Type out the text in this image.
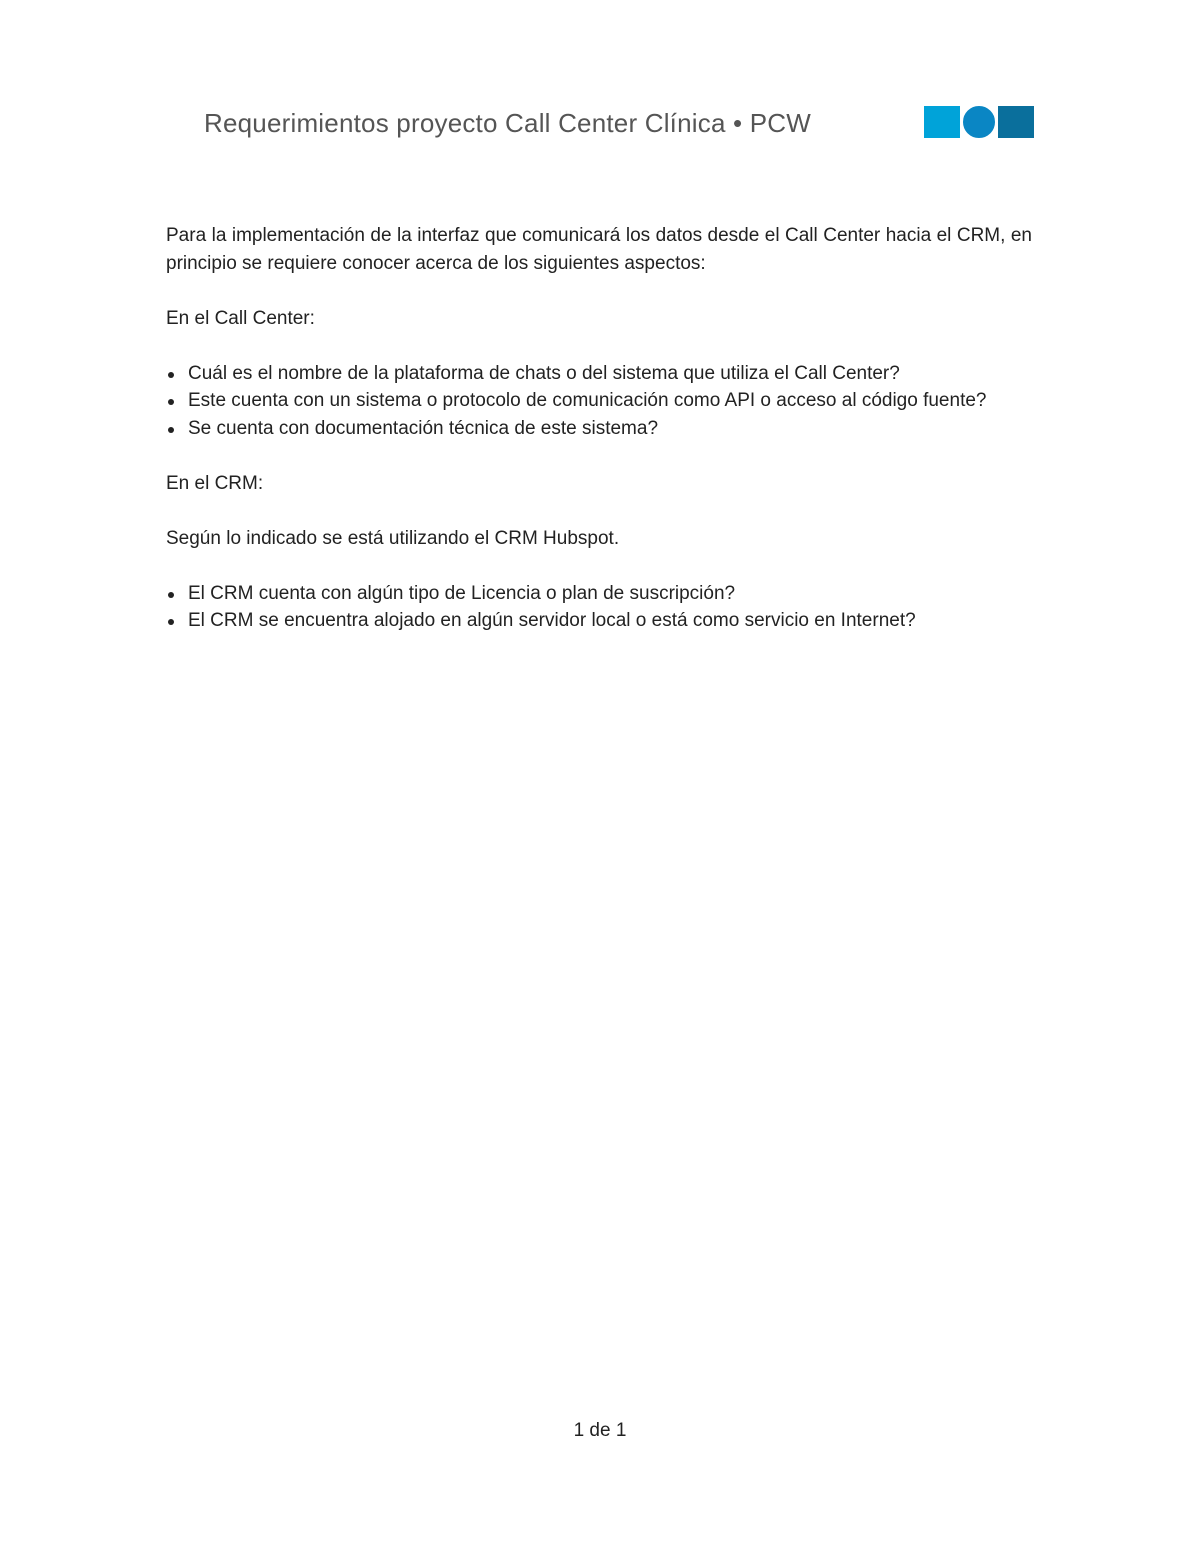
Requerimientos proyecto Call Center Clínica • PCW

Para la implementación de la interfaz que comunicará los datos desde el Call Center hacia el CRM, en principio se requiere conocer acerca de los siguientes aspectos:

En el Call Center:

Cuál es el nombre de la plataforma de chats o del sistema que utiliza el Call Center?
Este cuenta con un sistema o protocolo de comunicación como API o acceso al código fuente?
Se cuenta con documentación técnica de este sistema?

En el CRM:

Según lo indicado se está utilizando el CRM Hubspot.

El CRM cuenta con algún tipo de Licencia o plan de suscripción?
El CRM se encuentra alojado en algún servidor local o está como servicio en Internet?
1 de 1
